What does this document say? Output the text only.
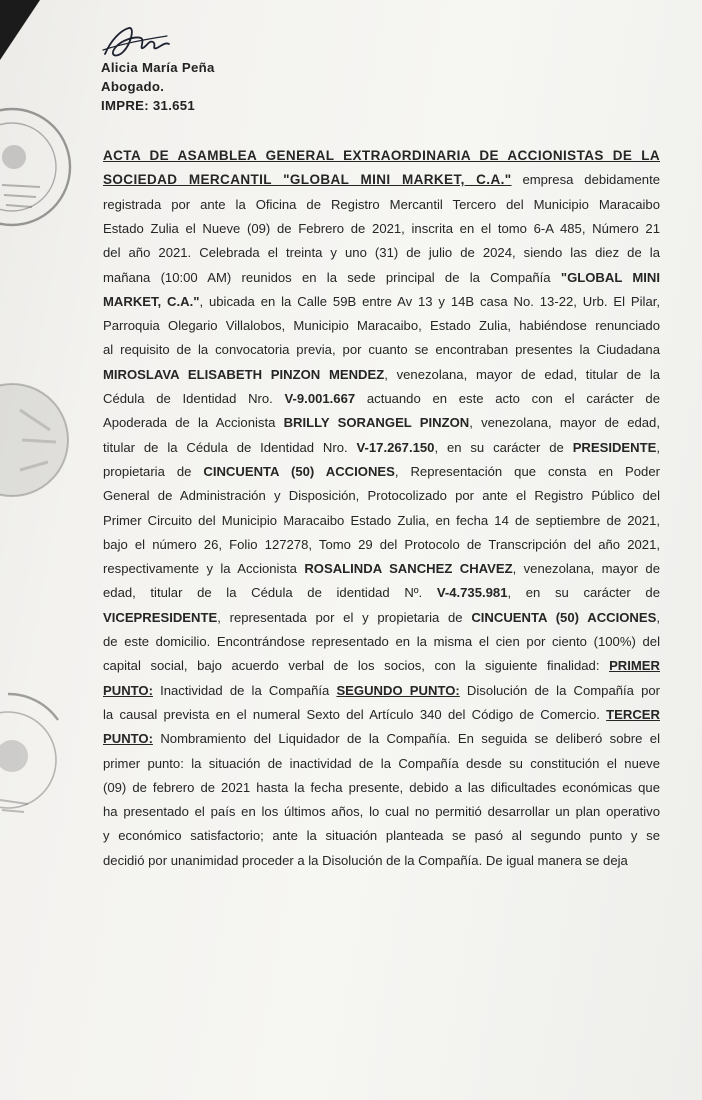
Alicia María Peña
Abogado.
IMPRE: 31.651
ACTA DE ASAMBLEA GENERAL EXTRAORDINARIA DE ACCIONISTAS DE LA
SOCIEDAD MERCANTIL "GLOBAL MINI MARKET, C.A." empresa debidamente
registrada por ante la Oficina de Registro Mercantil Tercero del Municipio Maracaibo
Estado Zulia el Nueve (09) de Febrero de 2021, inscrita en el tomo 6-A 485, Número 21
del año 2021. Celebrada el treinta y uno (31) de julio de 2024, siendo las diez de la
mañana (10:00 AM) reunidos en la sede principal de la Compañía "GLOBAL MINI
MARKET, C.A.", ubicada en la Calle 59B entre Av 13 y 14B casa No. 13-22, Urb. El Pilar,
Parroquia Olegario Villalobos, Municipio Maracaibo, Estado Zulia, habiéndose renunciado
al requisito de la convocatoria previa, por cuanto se encontraban presentes la Ciudadana
MIROSLAVA ELISABETH PINZON MENDEZ, venezolana, mayor de edad, titular de la
Cédula de Identidad Nro. V-9.001.667 actuando en este acto con el carácter de
Apoderada de la Accionista BRILLY SORANGEL PINZON, venezolana, mayor de edad,
titular de la Cédula de Identidad Nro. V-17.267.150, en su carácter de PRESIDENTE,
propietaria de CINCUENTA (50) ACCIONES, Representación que consta en Poder
General de Administración y Disposición, Protocolizado por ante el Registro Público del
Primer Circuito del Municipio Maracaibo Estado Zulia, en fecha 14 de septiembre de 2021,
bajo el número 26, Folio 127278, Tomo 29 del Protocolo de Transcripción del año 2021,
respectivamente y la Accionista ROSALINDA SANCHEZ CHAVEZ, venezolana, mayor de
edad, titular de la Cédula de identidad Nº. V-4.735.981, en su carácter de
VICEPRESIDENTE, representada por el y propietaria de CINCUENTA (50) ACCIONES,
de este domicilio. Encontrándose representado en la misma el cien por ciento (100%) del
capital social, bajo acuerdo verbal de los socios, con la siguiente finalidad: PRIMER
PUNTO: Inactividad de la Compañía SEGUNDO PUNTO: Disolución de la Compañía por
la causal prevista en el numeral Sexto del Artículo 340 del Código de Comercio. TERCER
PUNTO: Nombramiento del Liquidador de la Compañía. En seguida se deliberó sobre el
primer punto: la situación de inactividad de la Compañía desde su constitución el nueve
(09) de febrero de 2021 hasta la fecha presente, debido a las dificultades económicas que
ha presentado el país en los últimos años, lo cual no permitió desarrollar un plan operativo
y económico satisfactorio; ante la situación planteada se pasó al segundo punto y se
decidió por unanimidad proceder a la Disolución de la Compañía. De igual manera se deja
